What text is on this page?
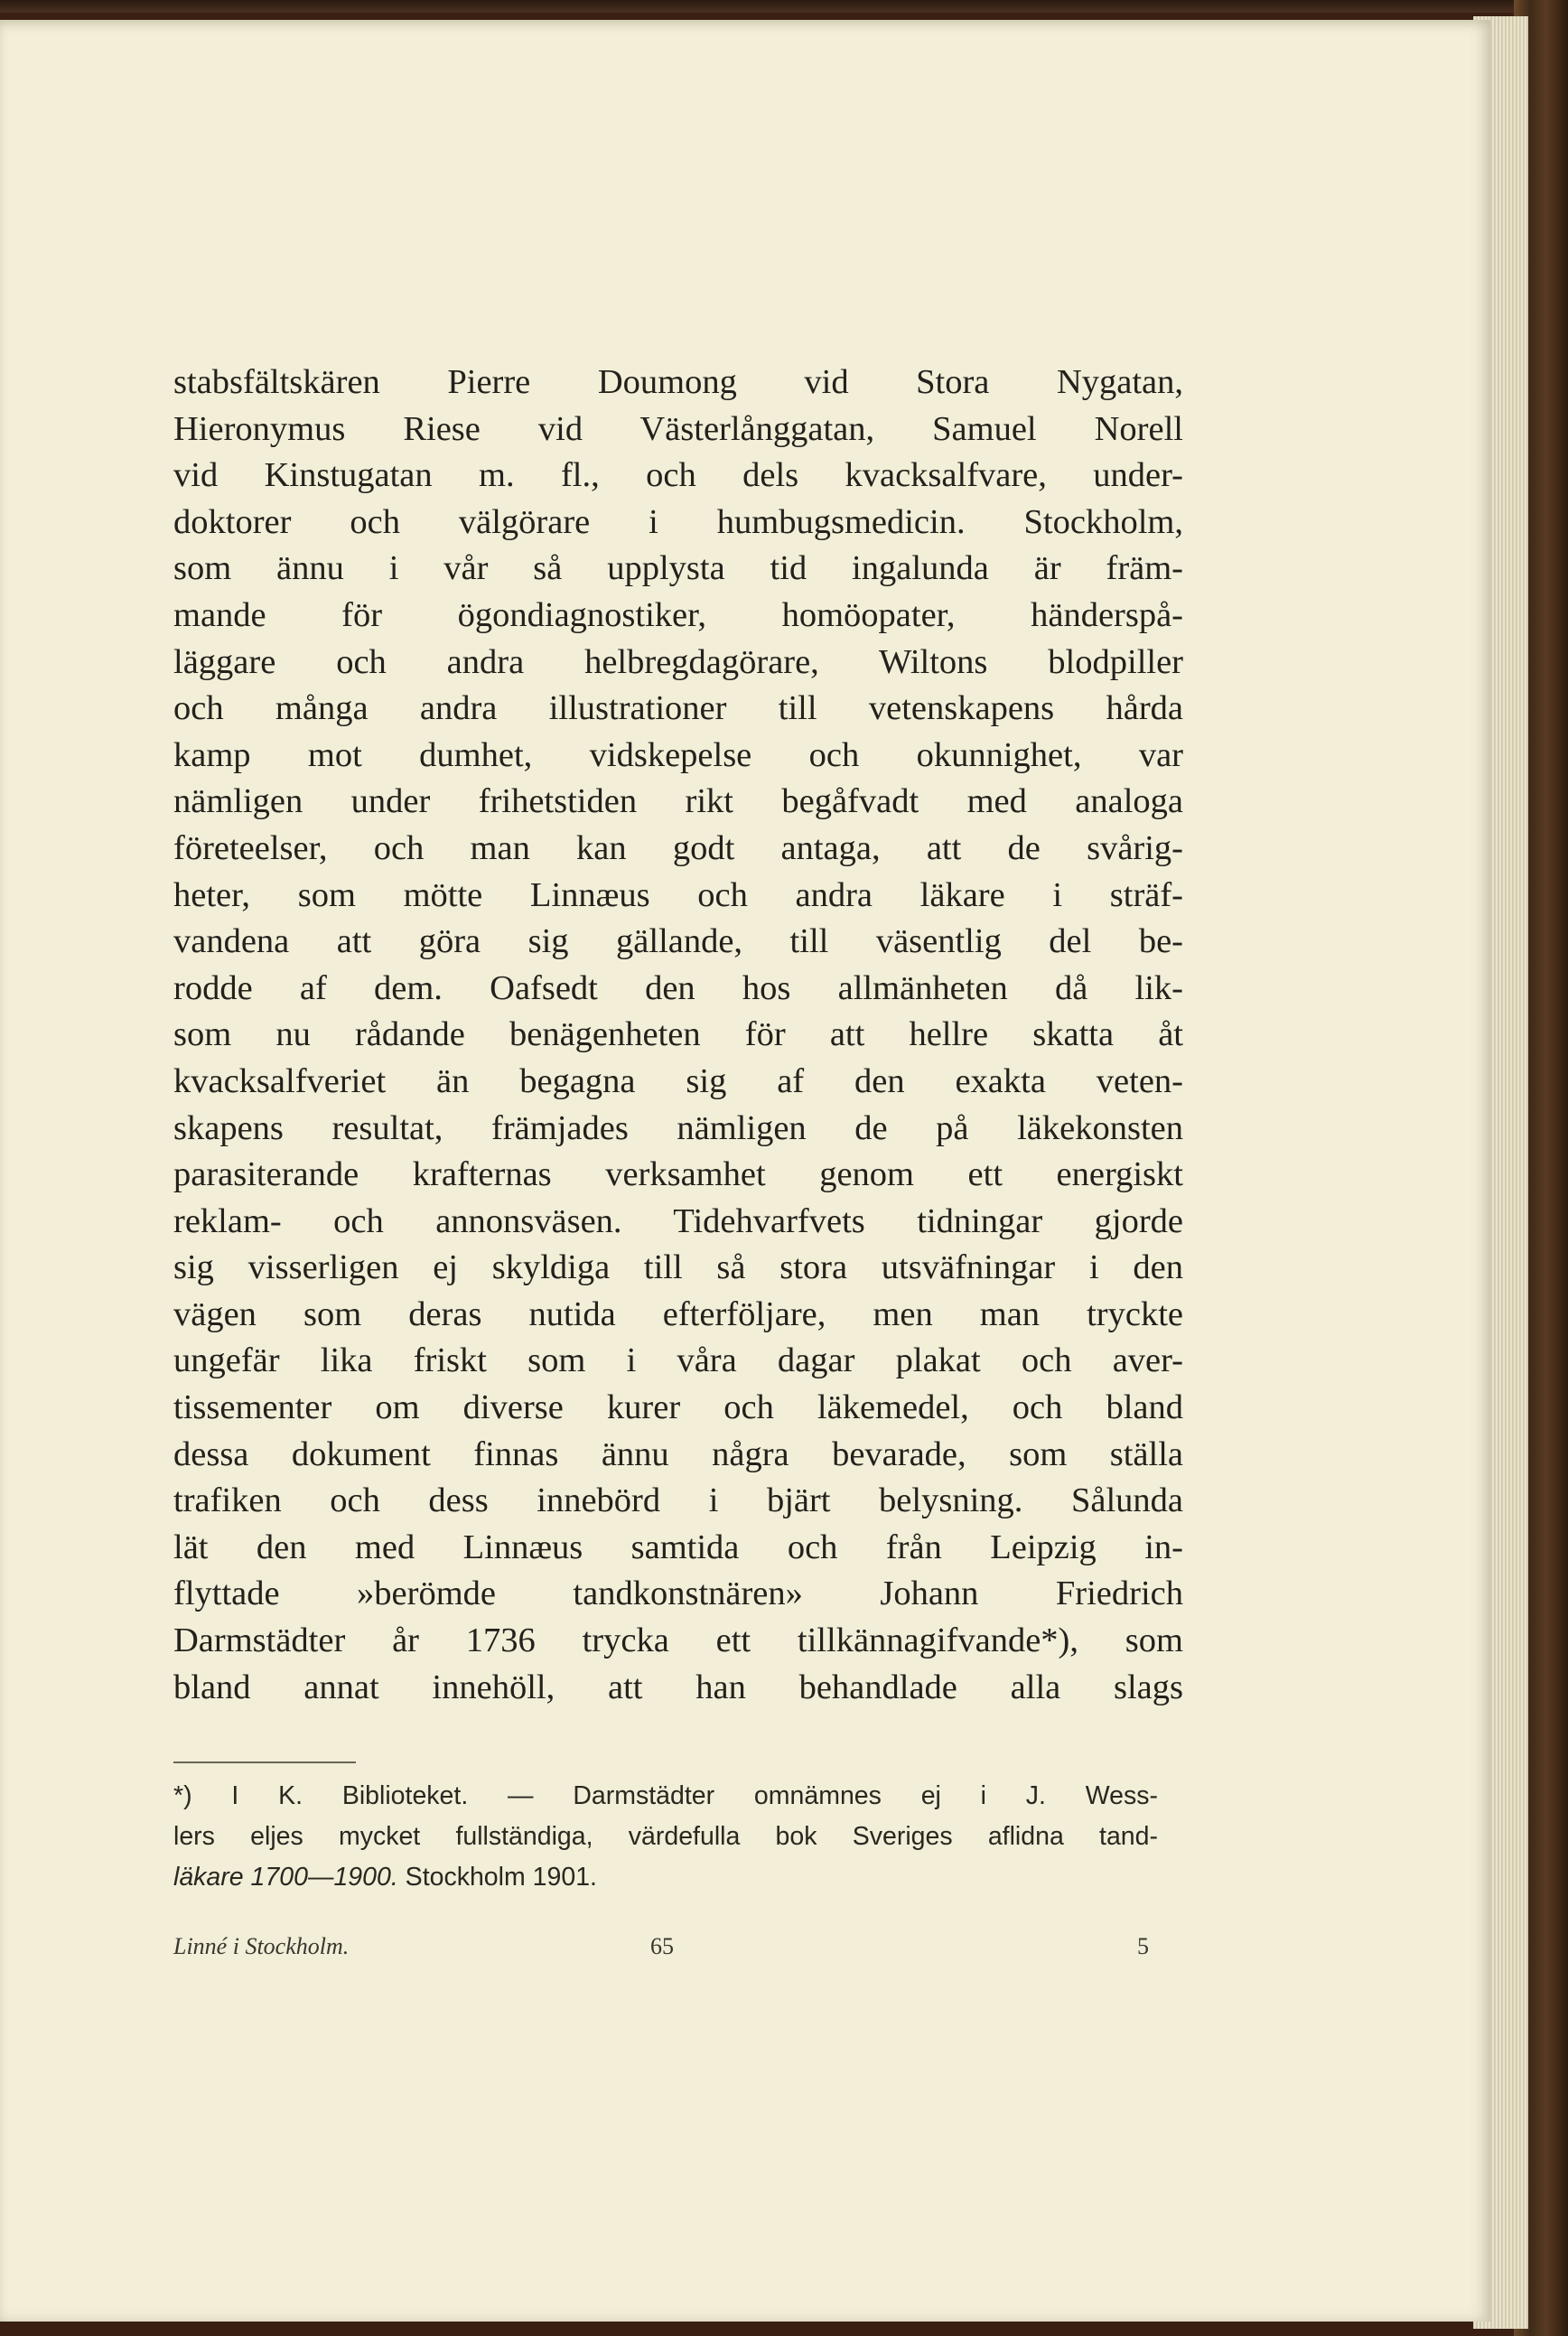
stabsfältskären Pierre Doumong vid Stora Nygatan,
Hieronymus Riese vid Västerlånggatan, Samuel Norell
vid Kinstugatan m. fl., och dels kvacksalfvare, under-
doktorer och välgörare i humbugsmedicin. Stockholm,
som ännu i vår så upplysta tid ingalunda är främ-
mande för ögondiagnostiker, homöopater, händerspå-
läggare och andra helbregdagörare, Wiltons blodpiller
och många andra illustrationer till vetenskapens hårda
kamp mot dumhet, vidskepelse och okunnighet, var
nämligen under frihetstiden rikt begåfvadt med analoga
företeelser, och man kan godt antaga, att de svårig-
heter, som mötte Linnæus och andra läkare i sträf-
vandena att göra sig gällande, till väsentlig del be-
rodde af dem. Oafsedt den hos allmänheten då lik-
som nu rådande benägenheten för att hellre skatta åt
kvacksalfveriet än begagna sig af den exakta veten-
skapens resultat, främjades nämligen de på läkekonsten
parasiterande krafternas verksamhet genom ett energiskt
reklam- och annonsväsen. Tidehvarfvets tidningar gjorde
sig visserligen ej skyldiga till så stora utsväfningar i den
vägen som deras nutida efterföljare, men man tryckte
ungefär lika friskt som i våra dagar plakat och aver-
tissementer om diverse kurer och läkemedel, och bland
dessa dokument finnas ännu några bevarade, som ställa
trafiken och dess innebörd i bjärt belysning. Sålunda
lät den med Linnæus samtida och från Leipzig in-
flyttade »berömde tandkonstnären» Johann Friedrich
Darmstädter år 1736 trycka ett tillkännagifvande*), som
bland annat innehöll, att han behandlade alla slags
*) I K. Biblioteket. — Darmstädter omnämnes ej i J. Wess-
lers eljes mycket fullständiga, värdefulla bok Sveriges aflidna tand-
läkare 1700—1900. Stockholm 1901.
Linné i Stockholm.	65	5
